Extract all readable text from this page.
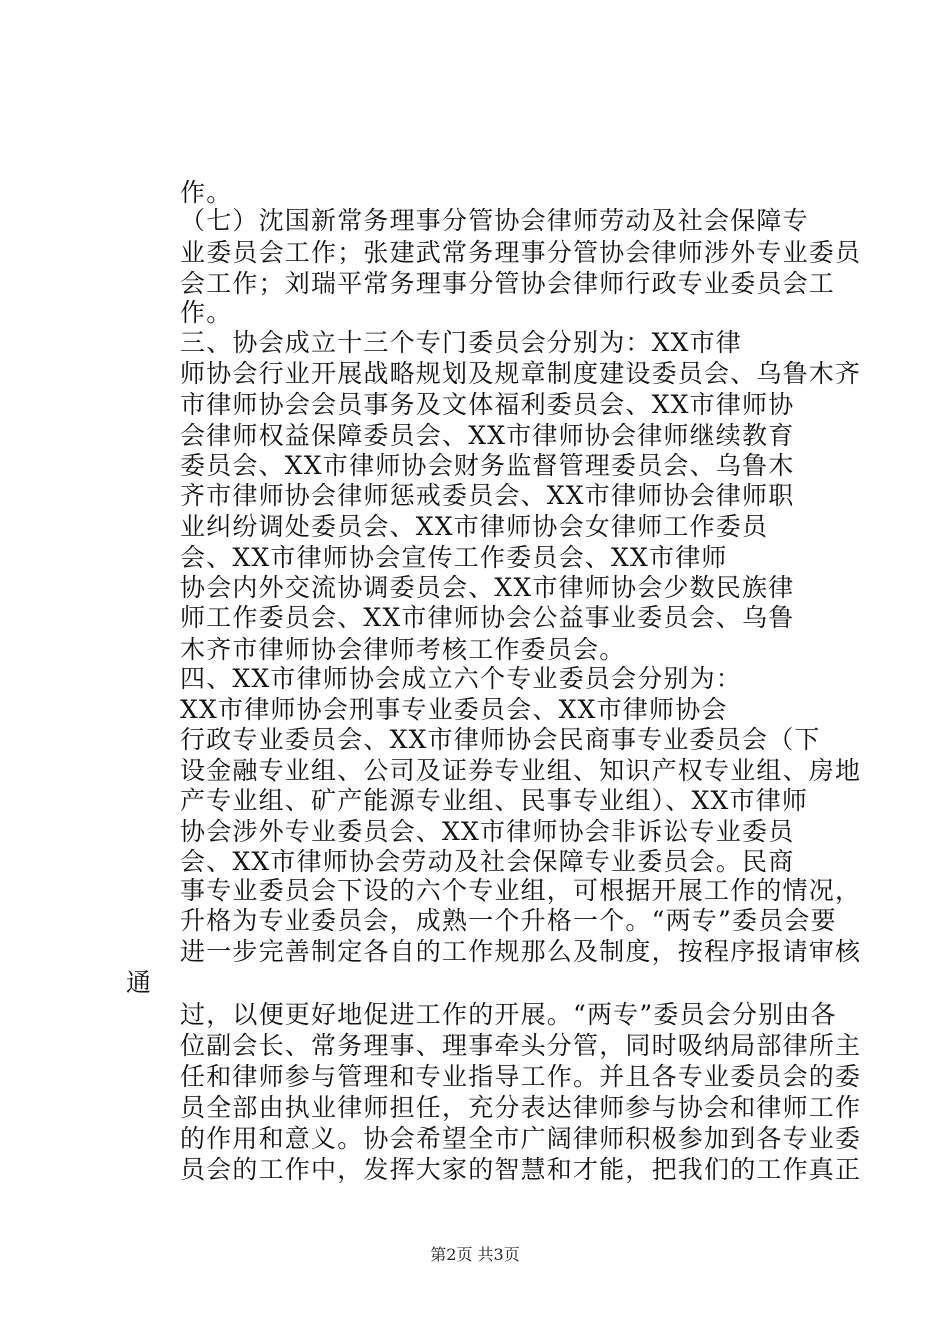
作。
（七）沈国新常务理事分管协会律师劳动及社会保障专
业委员会工作；张建武常务理事分管协会律师涉外专业委员
会工作；刘瑞平常务理事分管协会律师行政专业委员会工
作。
三、协会成立十三个专门委员会分别为：XX市律
师协会行业开展战略规划及规章制度建设委员会、乌鲁木齐
市律师协会会员事务及文体福利委员会、XX市律师协
会律师权益保障委员会、XX市律师协会律师继续教育
委员会、XX市律师协会财务监督管理委员会、乌鲁木
齐市律师协会律师惩戒委员会、XX市律师协会律师职
业纠纷调处委员会、XX市律师协会女律师工作委员
会、XX市律师协会宣传工作委员会、XX市律师
协会内外交流协调委员会、XX市律师协会少数民族律
师工作委员会、XX市律师协会公益事业委员会、乌鲁
木齐市律师协会律师考核工作委员会。
四、XX市律师协会成立六个专业委员会分别为：
XX市律师协会刑事专业委员会、XX市律师协会
行政专业委员会、XX市律师协会民商事专业委员会（下
设金融专业组、公司及证券专业组、知识产权专业组、房地
产专业组、矿产能源专业组、民事专业组）、XX市律师
协会涉外专业委员会、XX市律师协会非诉讼专业委员
会、XX市律师协会劳动及社会保障专业委员会。民商
事专业委员会下设的六个专业组，可根据开展工作的情况，
升格为专业委员会，成熟一个升格一个。“两专”委员会要
进一步完善制定各自的工作规那么及制度，按程序报请审核
通
过，以便更好地促进工作的开展。“两专”委员会分别由各
位副会长、常务理事、理事牵头分管，同时吸纳局部律所主
任和律师参与管理和专业指导工作。并且各专业委员会的委
员全部由执业律师担任，充分表达律师参与协会和律师工作
的作用和意义。协会希望全市广阔律师积极参加到各专业委
员会的工作中，发挥大家的智慧和才能，把我们的工作真正
第2页 共3页
